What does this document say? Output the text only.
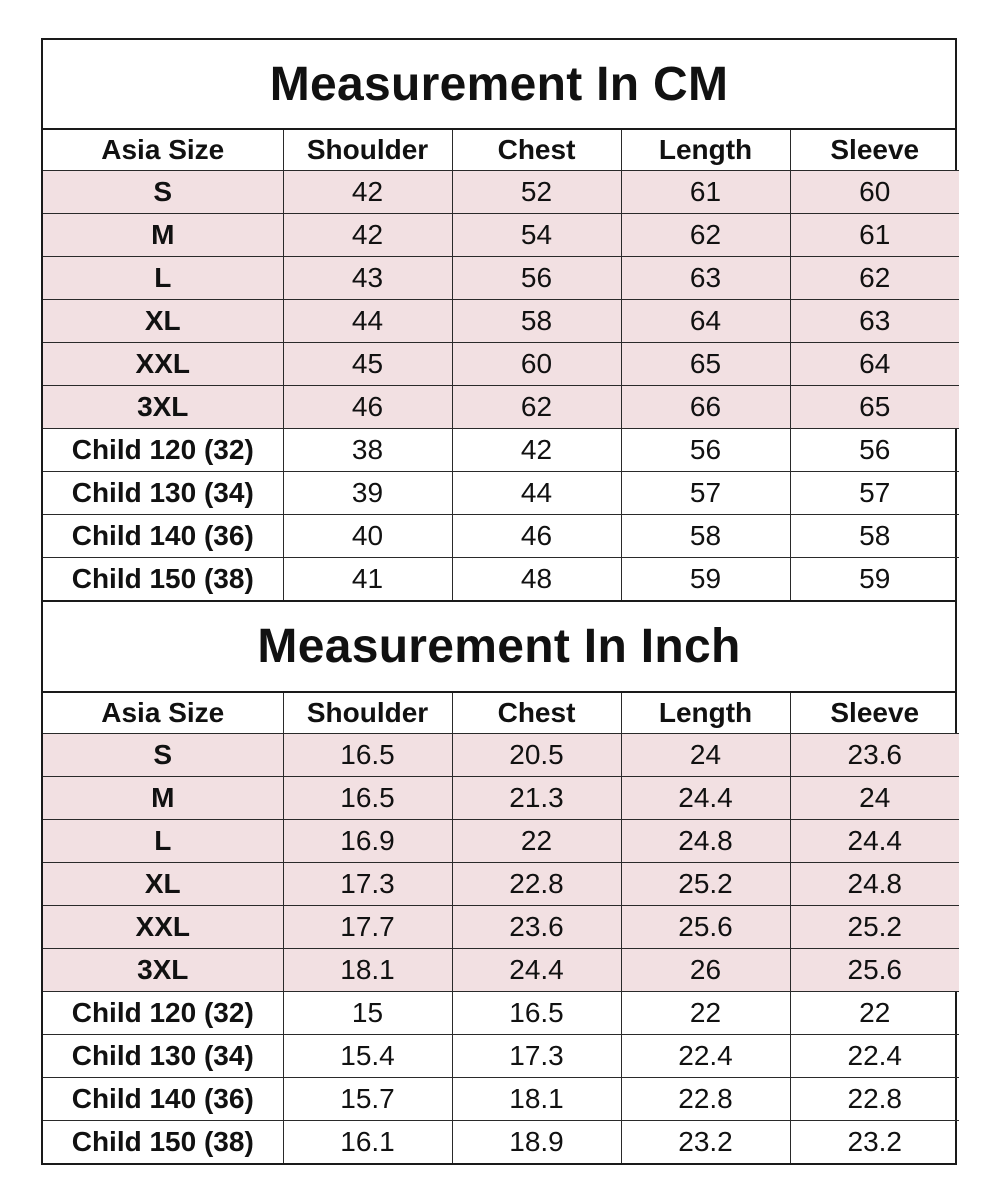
Measurement In CM
Asia Size	Shoulder	Chest	Length	Sleeve
S	42	52	61	60
M	42	54	62	61
L	43	56	63	62
XL	44	58	64	63
XXL	45	60	65	64
3XL	46	62	66	65
Child 120 (32)	38	42	56	56
Child 130 (34)	39	44	57	57
Child 140 (36)	40	46	58	58
Child 150 (38)	41	48	59	59
Measurement In Inch
Asia Size	Shoulder	Chest	Length	Sleeve
S	16.5	20.5	24	23.6
M	16.5	21.3	24.4	24
L	16.9	22	24.8	24.4
XL	17.3	22.8	25.2	24.8
XXL	17.7	23.6	25.6	25.2
3XL	18.1	24.4	26	25.6
Child 120 (32)	15	16.5	22	22
Child 130 (34)	15.4	17.3	22.4	22.4
Child 140 (36)	15.7	18.1	22.8	22.8
Child 150 (38)	16.1	18.9	23.2	23.2
